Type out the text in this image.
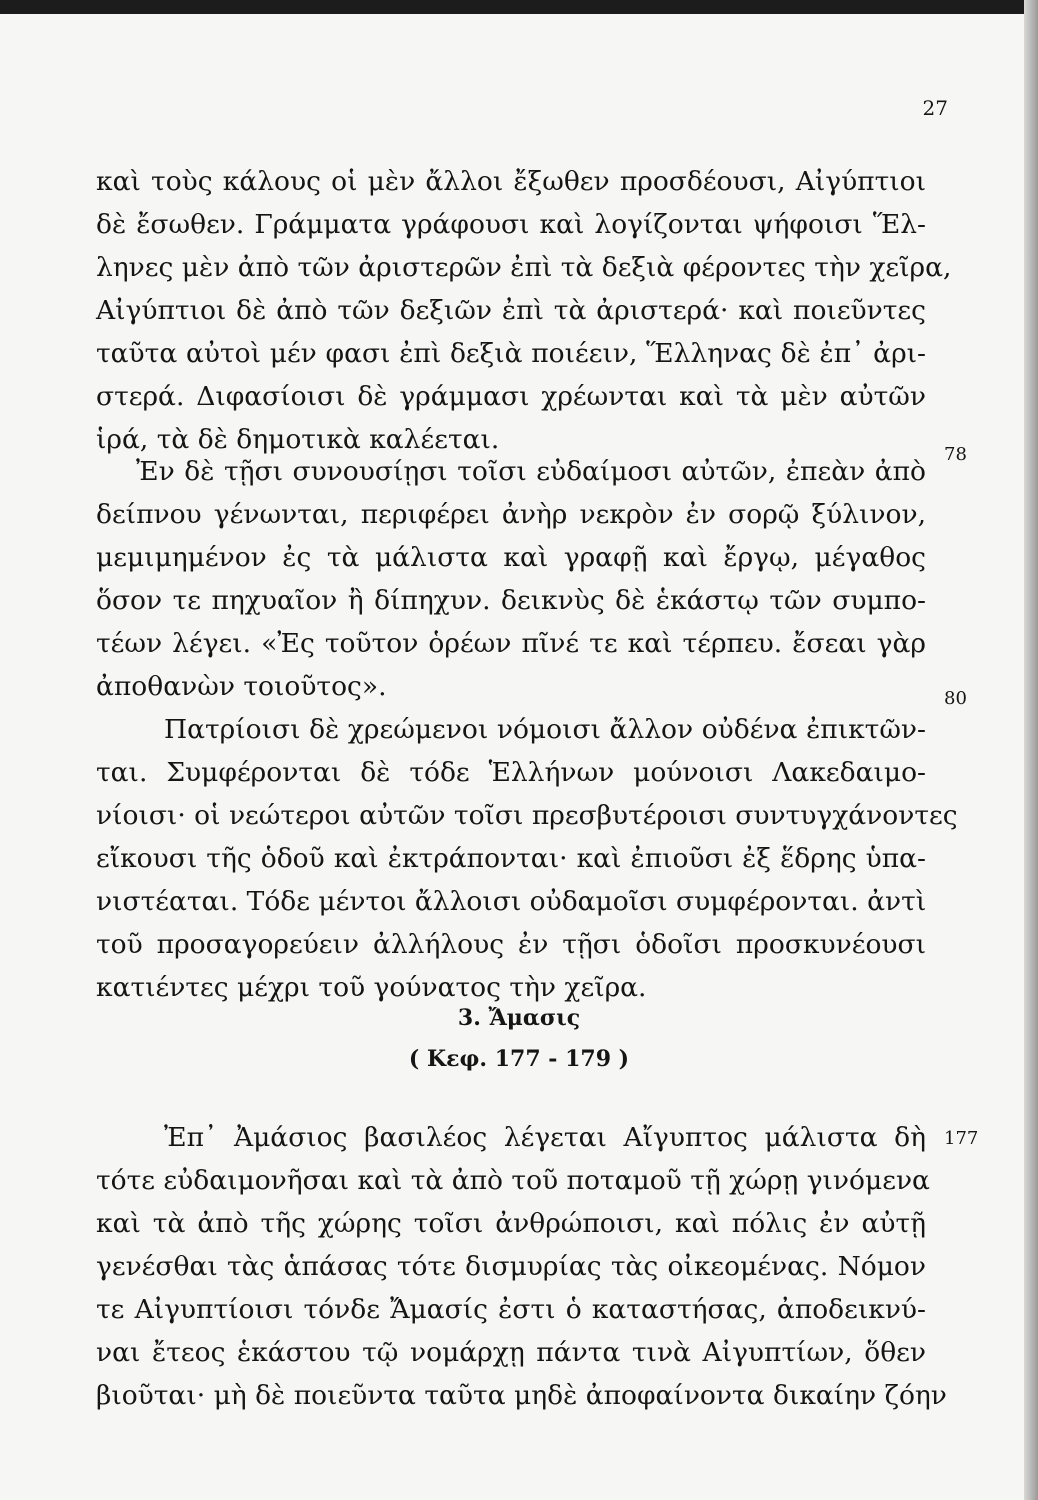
27
καὶ τοὺς κάλους οἱ μὲν ἄλλοι ἔξωθεν προσδέουσι, Αἰγύπτιοι
δὲ ἔσωθεν. Γράμματα γράφουσι καὶ λογίζονται ψήφοισι Ἕλ-
ληνες μὲν ἀπὸ τῶν ἀριστερῶν ἐπὶ τὰ δεξιὰ φέροντες τὴν χεῖρα,
Αἰγύπτιοι δὲ ἀπὸ τῶν δεξιῶν ἐπὶ τὰ ἀριστερά· καὶ ποιεῦντες
ταῦτα αὐτοὶ μέν φασι ἐπὶ δεξιὰ ποιέειν, Ἕλληνας δὲ ἐπ᾿ ἀρι-
στερά. Διφασίοισι δὲ γράμμασι χρέωνται καὶ τὰ μὲν αὐτῶν
ἱρά, τὰ δὲ δημοτικὰ καλέεται.
Ἐν δὲ τῇσι συνουσίῃσι τοῖσι εὐδαίμοσι αὐτῶν, ἐπεὰν ἀπὸ
78
δείπνου γένωνται, περιφέρει ἀνὴρ νεκρὸν ἐν σορῷ ξύλινον,
μεμιμημένον ἐς τὰ μάλιστα καὶ γραφῇ καὶ ἔργῳ, μέγαθος
ὅσον τε πηχυαῖον ἢ δίπηχυν. δεικνὺς δὲ ἑκάστῳ τῶν συμπο-
τέων λέγει. «Ἐς τοῦτον ὁρέων πῖνέ τε καὶ τέρπευ. ἔσεαι γὰρ
ἀποθανὼν τοιοῦτος».
Πατρίοισι δὲ χρεώμενοι νόμοισι ἄλλον οὐδένα ἐπικτῶν-
80
ται. Συμφέρονται δὲ τόδε Ἑλλήνων μούνοισι Λακεδαιμο-
νίοισι· οἱ νεώτεροι αὐτῶν τοῖσι πρεσβυτέροισι συντυγχάνοντες
εἴκουσι τῆς ὁδοῦ καὶ ἐκτράπονται· καὶ ἐπιοῦσι ἐξ ἕδρης ὑπα-
νιστέαται. Τόδε μέντοι ἄλλοισι οὐδαμοῖσι συμφέρονται. ἀντὶ
τοῦ προσαγορεύειν ἀλλήλους ἐν τῇσι ὁδοῖσι προσκυνέουσι
κατιέντες μέχρι τοῦ γούνατος τὴν χεῖρα.
3. Ἄμασις
( Κεφ. 177 - 179 )
Ἐπ᾿ Ἀμάσιος βασιλέος λέγεται Αἴγυπτος μάλιστα δὴ 177
τότε εὐδαιμονῆσαι καὶ τὰ ἀπὸ τοῦ ποταμοῦ τῇ χώρῃ γινόμενα
καὶ τὰ ἀπὸ τῆς χώρης τοῖσι ἀνθρώποισι, καὶ πόλις ἐν αὐτῇ
γενέσθαι τὰς ἁπάσας τότε δισμυρίας τὰς οἰκεομένας. Νόμον
τε Αἰγυπτίοισι τόνδε Ἄμασίς ἐστι ὁ καταστήσας, ἀποδεικνύ-
ναι ἔτεος ἑκάστου τῷ νομάρχῃ πάντα τινὰ Αἰγυπτίων, ὅθεν
βιοῦται· μὴ δὲ ποιεῦντα ταῦτα μηδὲ ἀποφαίνοντα δικαίην ζόην
